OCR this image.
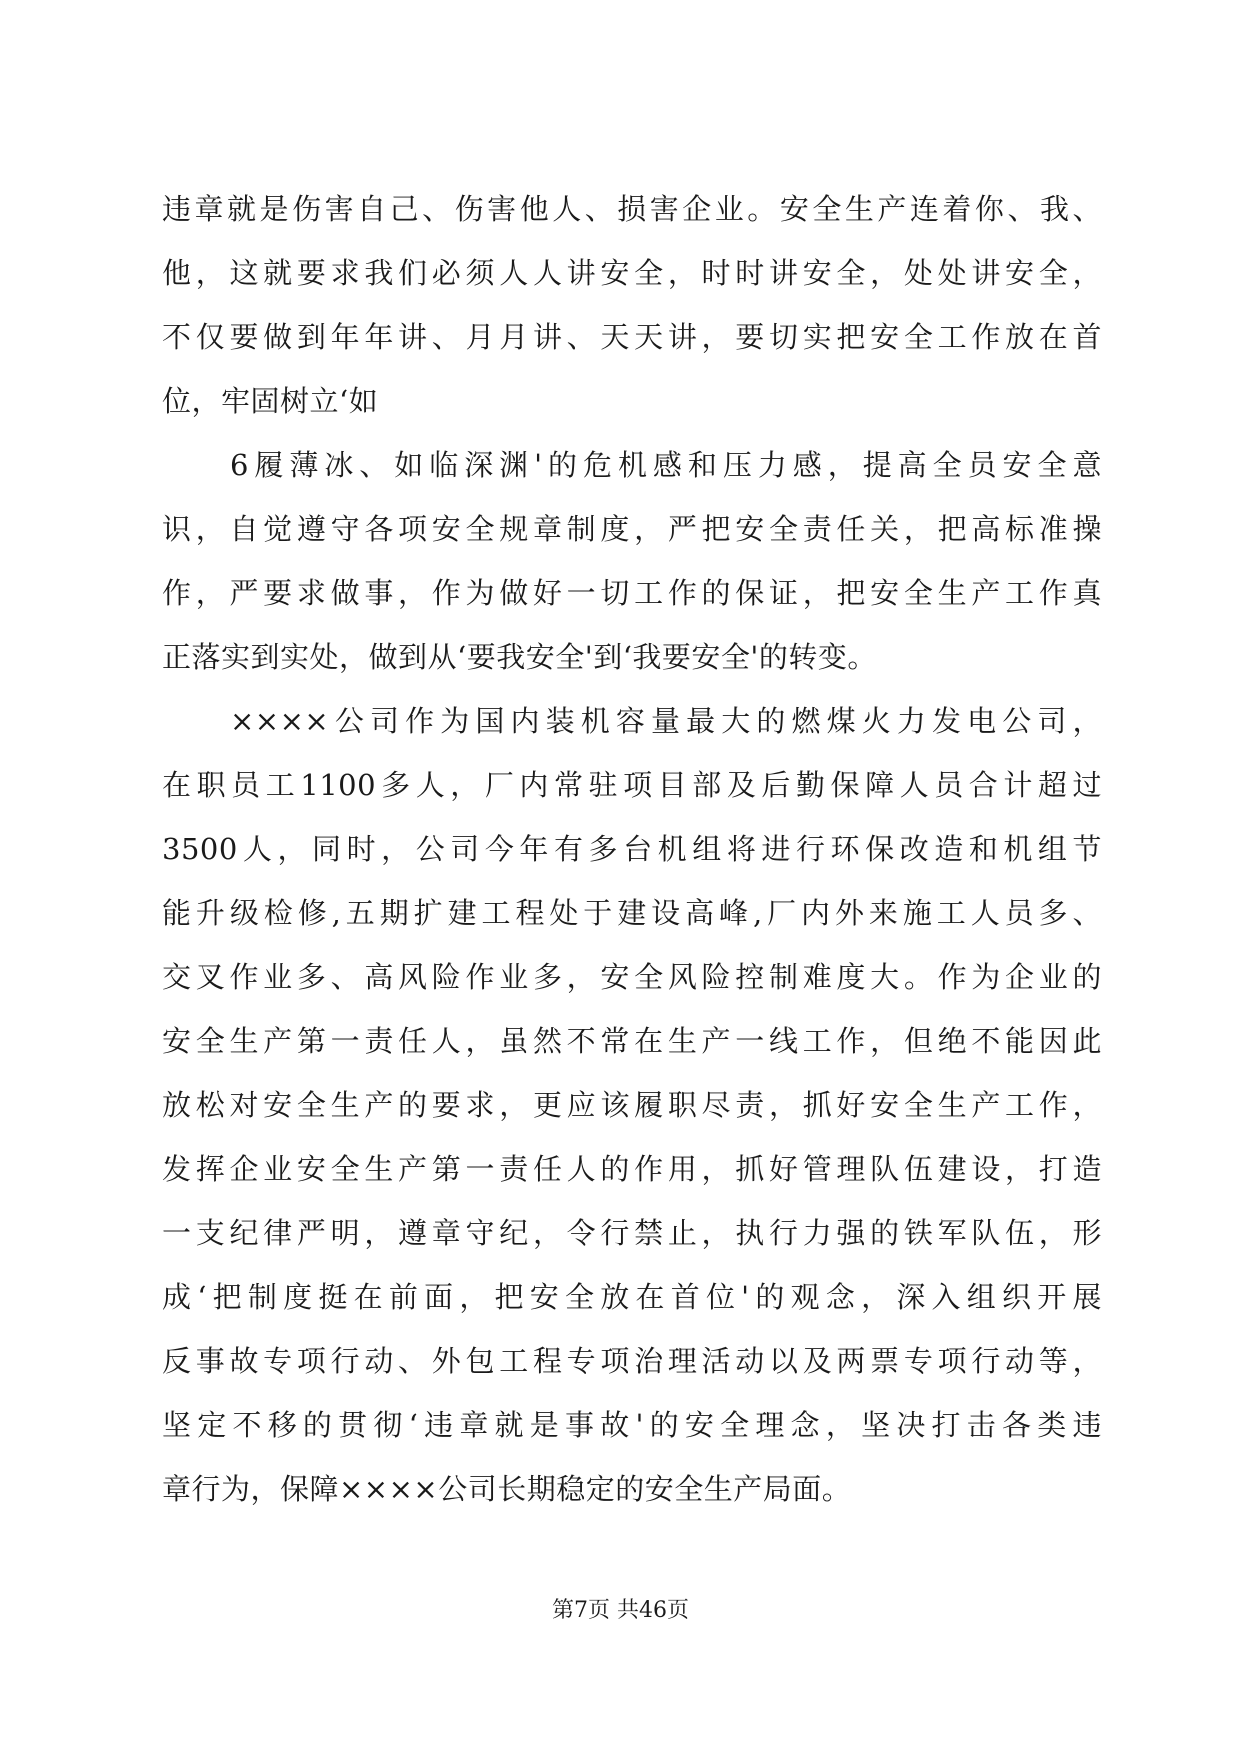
违章就是伤害自己、伤害他人、损害企业。安全生产连着你、我、
他，这就要求我们必须人人讲安全，时时讲安全，处处讲安全，
不仅要做到年年讲、月月讲、天天讲，要切实把安全工作放在首
位，牢固树立‘如
6履薄冰、如临深渊'的危机感和压力感，提高全员安全意
识，自觉遵守各项安全规章制度，严把安全责任关，把高标准操
作，严要求做事，作为做好一切工作的保证，把安全生产工作真
正落实到实处，做到从‘要我安全'到‘我要安全'的转变。
××××公司作为国内装机容量最大的燃煤火力发电公司，
在职员工1100多人，厂内常驻项目部及后勤保障人员合计超过
3500人，同时，公司今年有多台机组将进行环保改造和机组节
能升级检修,五期扩建工程处于建设高峰,厂内外来施工人员多、
交叉作业多、高风险作业多，安全风险控制难度大。作为企业的
安全生产第一责任人，虽然不常在生产一线工作，但绝不能因此
放松对安全生产的要求，更应该履职尽责，抓好安全生产工作，
发挥企业安全生产第一责任人的作用，抓好管理队伍建设，打造
一支纪律严明，遵章守纪，令行禁止，执行力强的铁军队伍，形
成‘把制度挺在前面，把安全放在首位'的观念，深入组织开展
反事故专项行动、外包工程专项治理活动以及两票专项行动等，
坚定不移的贯彻‘违章就是事故'的安全理念，坚决打击各类违
章行为，保障××××公司长期稳定的安全生产局面。
第7页 共46页
